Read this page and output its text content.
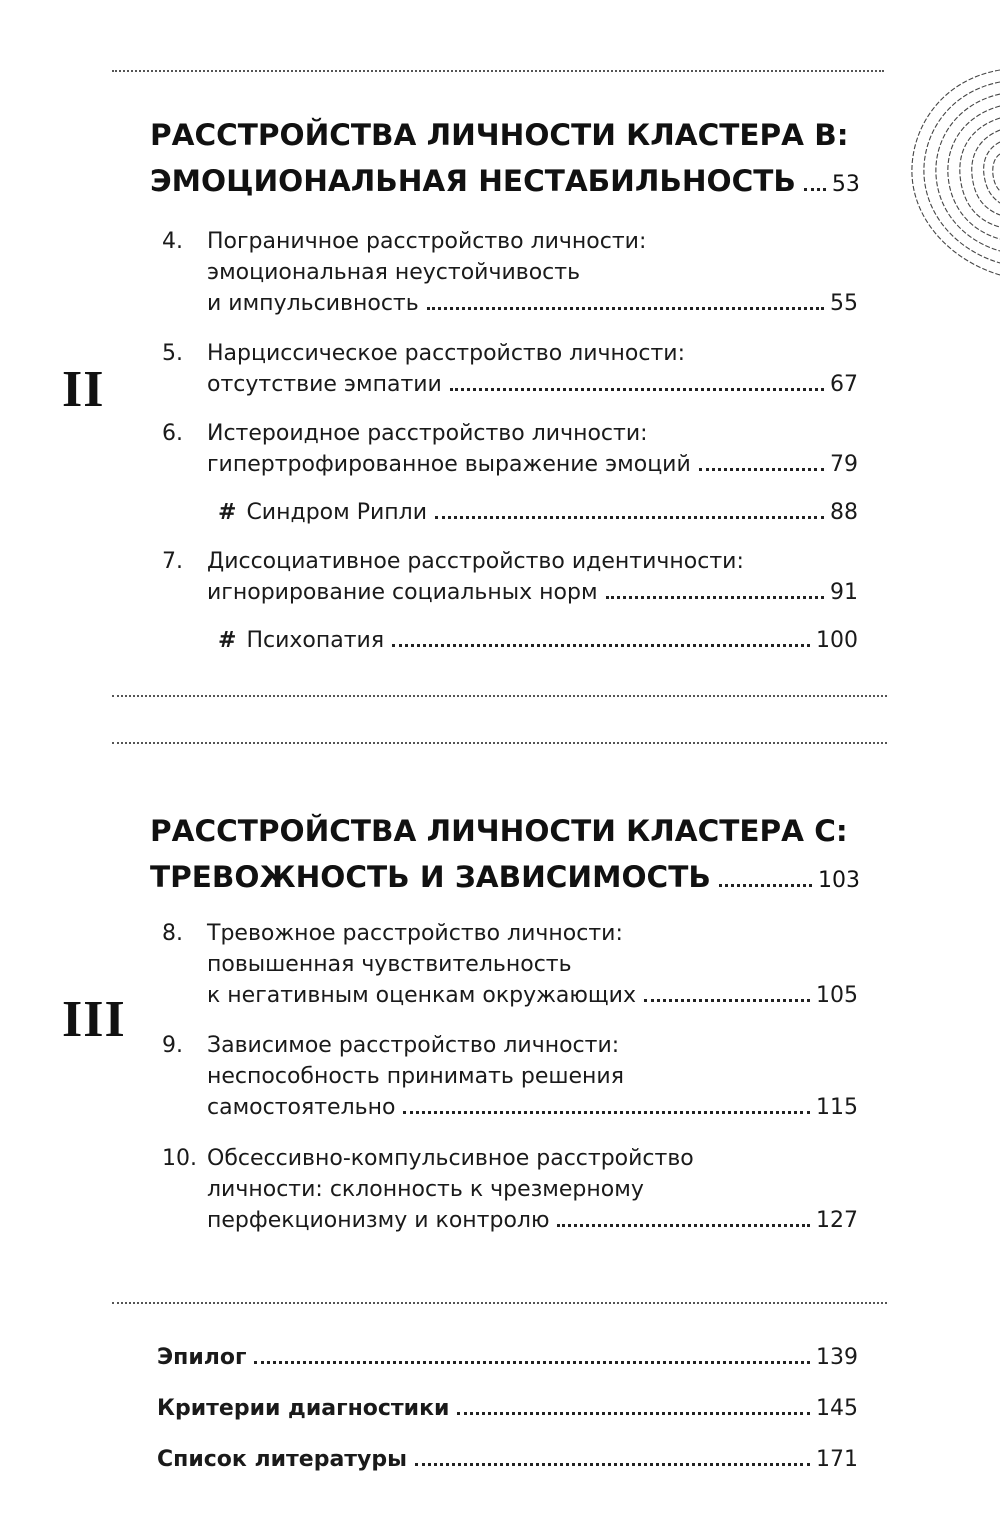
II
РАССТРОЙСТВА ЛИЧНОСТИ КЛАСТЕРА B:
ЭМОЦИОНАЛЬНАЯ НЕСТАБИЛЬНОСТЬ 53
4.	Пограничное расстройство личности:
эмоциональная неустойчивость
и импульсивность	55
5.	Нарциссическое расстройство личности:
отсутствие эмпатии	67
6.	Истероидное расстройство личности:
гипертрофированное выражение эмоций	79
# Синдром Рипли	88
7.	Диссоциативное расстройство идентичности:
игнорирование социальных норм	91
# Психопатия	100
III
РАССТРОЙСТВА ЛИЧНОСТИ КЛАСТЕРА C:
ТРЕВОЖНОСТЬ И ЗАВИСИМОСТЬ	103
8.	Тревожное расстройство личности:
повышенная чувствительность
к негативным оценкам окружающих	105
9.	Зависимое расстройство личности:
неспособность принимать решения
самостоятельно	115
10. Обсессивно-компульсивное расстройство
личности: склонность к чрезмерному
перфекционизму и контролю	127
Эпилог	139
Критерии диагностики	145
Список литературы	171
